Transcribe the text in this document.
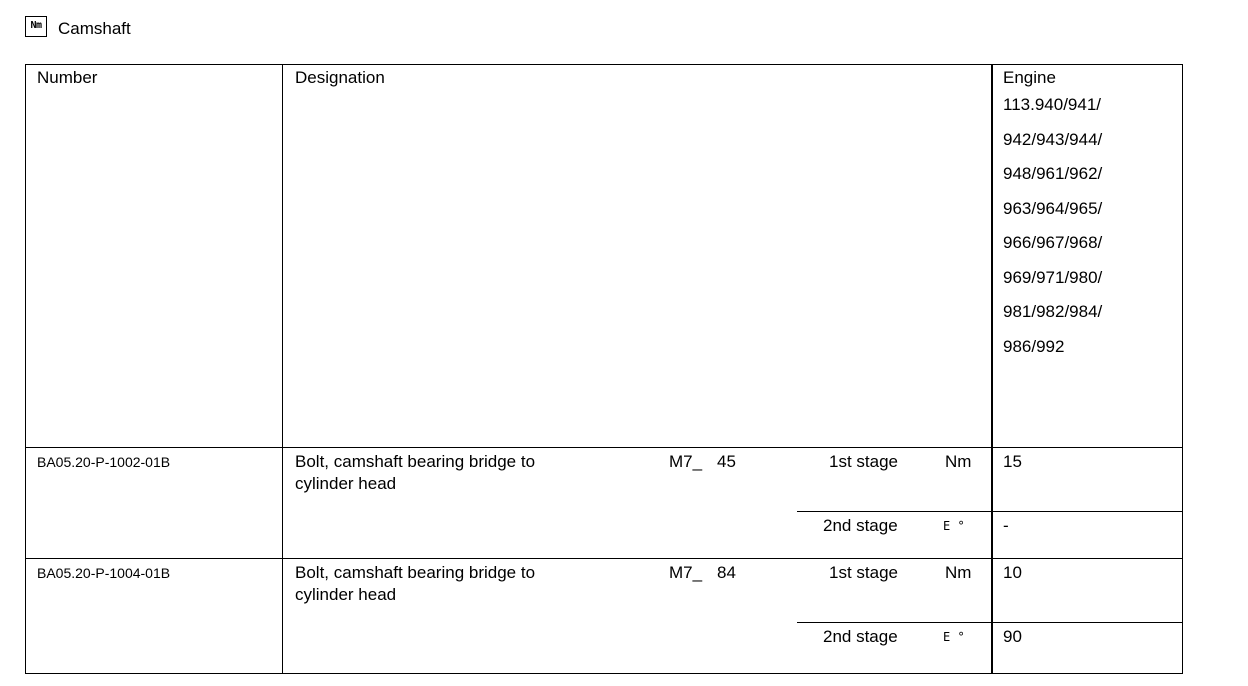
Nm Camshaft
Number	Designation	Engine
113.940/941/
942/943/944/
948/961/962/
963/964/965/
966/967/968/
969/971/980/
981/982/984/
986/992
BA05.20-P-1002-01B	Bolt, camshaft bearing bridge to
cylinder head
M7_ 45	1st stage	Nm 15
2nd stage	E ° -
BA05.20-P-1004-01B	Bolt, camshaft bearing bridge to
cylinder head
M7_ 84	1st stage	Nm 10
2nd stage	E ° 90
